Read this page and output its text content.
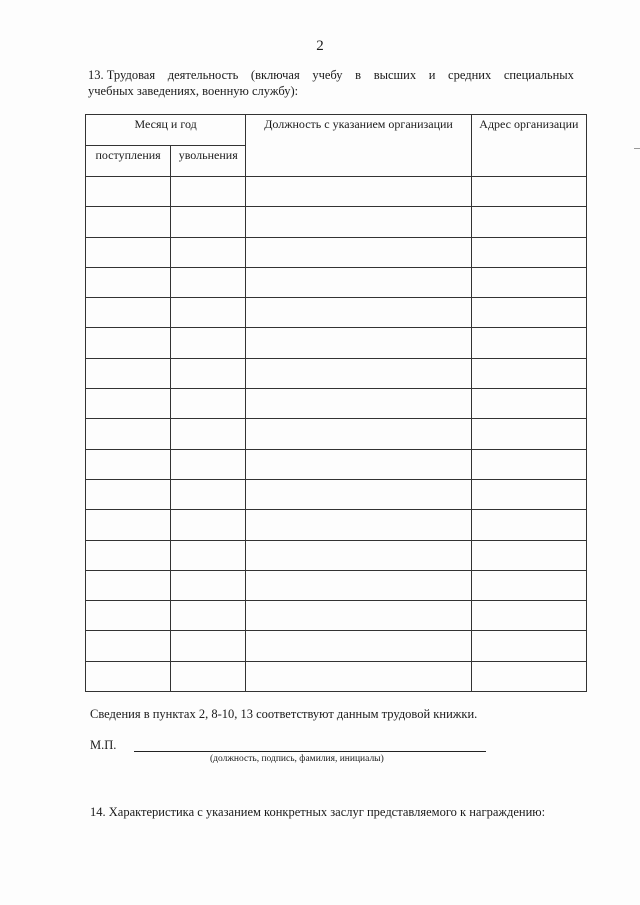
2
13. Трудовая деятельность (включая учебу в высших и средних специальных
учебных заведениях, военную службу):
Месяц и год		Должность с указанием организации	Адрес организации
поступления	увольнения		

Сведения в пунктах 2, 8-10, 13 соответствуют данным трудовой книжки.
М.П.
(должность, подпись, фамилия, инициалы)
14. Характеристика с указанием конкретных заслуг представляемого к награждению:
